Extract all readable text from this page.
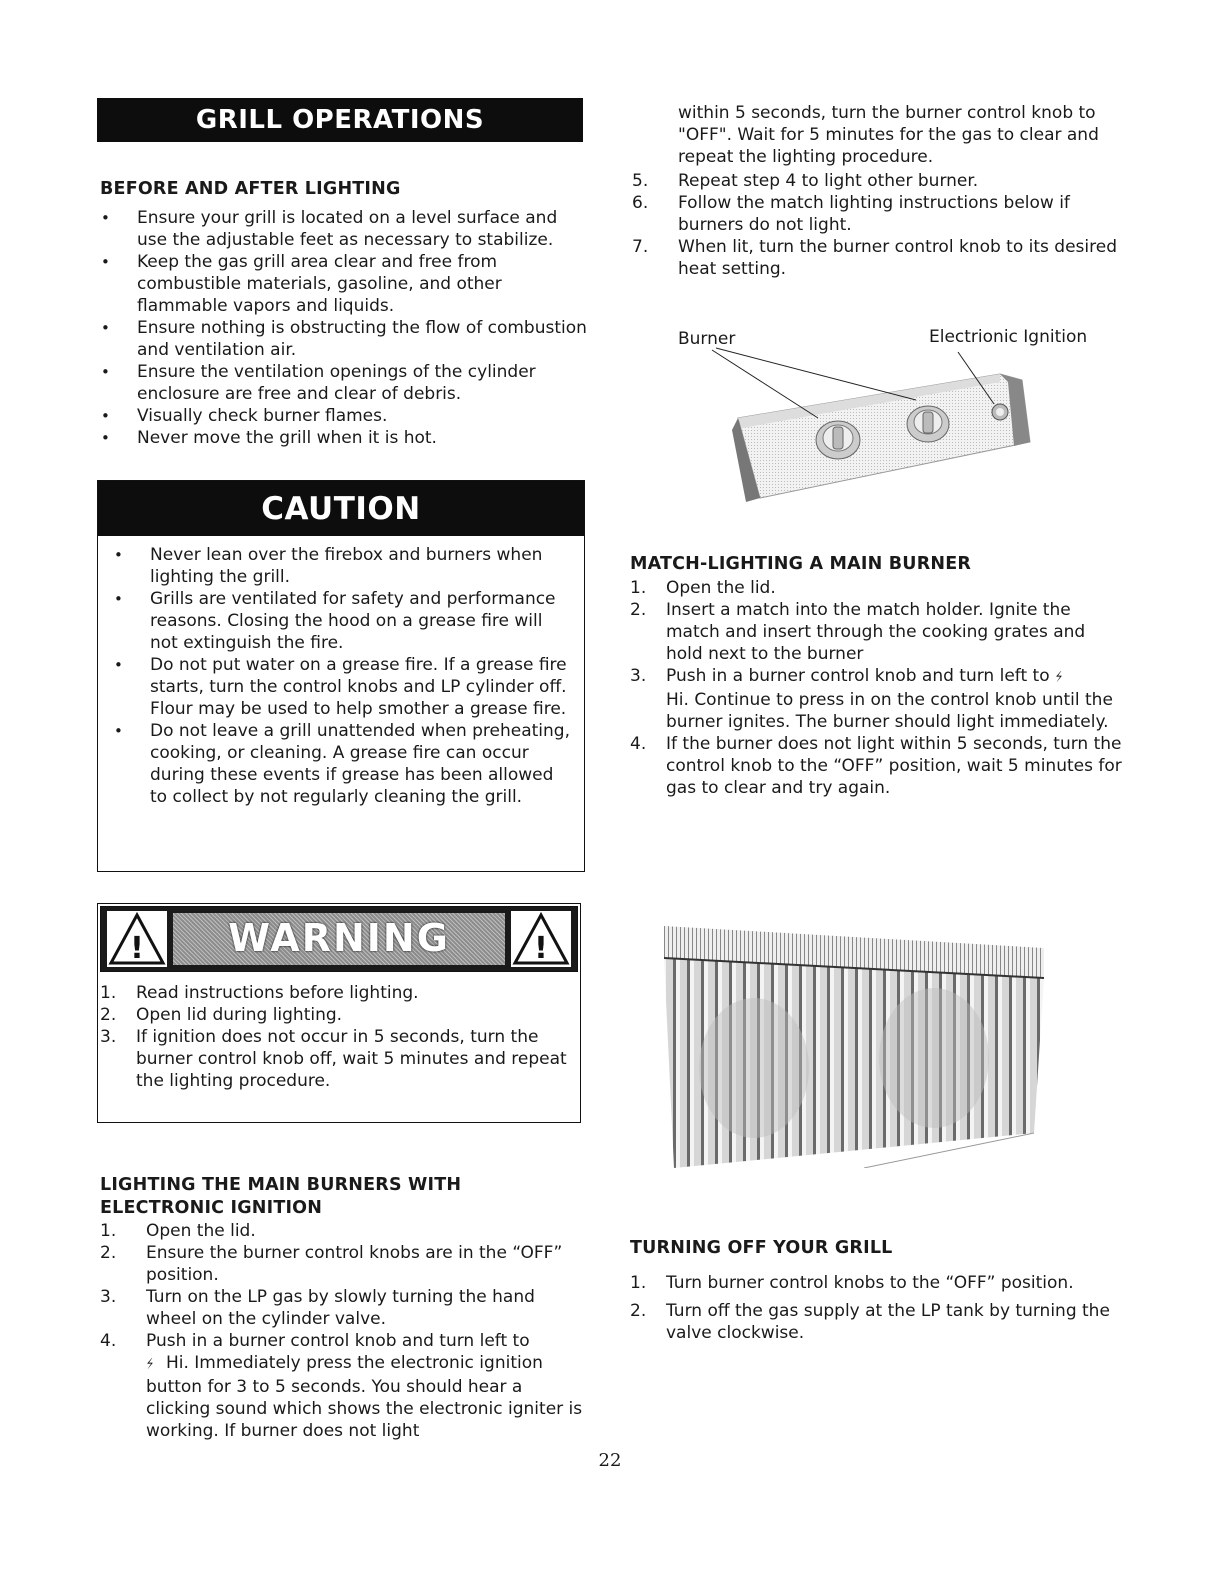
GRILL OPERATIONS

BEFORE AND AFTER LIGHTING

• Ensure your grill is located on a level surface and use the adjustable feet as necessary to stabilize.
• Keep the gas grill area clear and free from combustible materials, gasoline, and other flammable vapors and liquids.
• Ensure nothing is obstructing the flow of combustion and ventilation air.
• Ensure the ventilation openings of the cylinder enclosure are free and clear of debris.
• Visually check burner flames.
• Never move the grill when it is hot.
CAUTION
• Never lean over the firebox and burners when lighting the grill.
• Grills are ventilated for safety and performance reasons. Closing the hood on a grease fire will not extinguish the fire.
• Do not put water on a grease fire. If a grease fire starts, turn the control knobs and LP cylinder off. Flour may be used to help smother a grease fire.
• Do not leave a grill unattended when preheating, cooking, or cleaning. A grease fire can occur during these events if grease has been allowed to collect by not regularly cleaning the grill.
!	!
WARNING
1. Read instructions before lighting.
2. Open lid during lighting.
3. If ignition does not occur in 5 seconds, turn the burner control knob off, wait 5 minutes and repeat the lighting procedure.

LIGHTING THE MAIN BURNERS WITH
ELECTRONIC IGNITION

1. Open the lid.
2. Ensure the burner control knobs are in the “OFF” position.
3. Turn on the LP gas by slowly turning the hand wheel on the cylinder valve.
4. Push in a burner control knob and turn left to
⚡︎ Hi. Immediately press the electronic ignition button for 3 to 5 seconds. You should hear a clicking sound which shows the electronic igniter is working. If burner does not light
within 5 seconds, turn the burner control knob to "OFF". Wait for 5 minutes for the gas to clear and repeat the lighting procedure.
5. Repeat step 4 to light other burner.
6. Follow the match lighting instructions below if burners do not light.
7. When lit, turn the burner control knob to its desired heat setting.
Burner	Electrionic Ignition

MATCH-LIGHTING A MAIN BURNER

1. Open the lid.
2. Insert a match into the match holder. Ignite the match and insert through the cooking grates and hold next to the burner
3. Push in a burner control knob and turn left to ⚡︎
Hi. Continue to press in on the control knob until the burner ignites. The burner should light immediately.
4. If the burner does not light within 5 seconds, turn the control knob to the “OFF” position, wait 5 minutes for gas to clear and try again.

TURNING OFF YOUR GRILL

1. Turn burner control knobs to the “OFF” position.
2. Turn off the gas supply at the LP tank by turning the valve clockwise.
22
